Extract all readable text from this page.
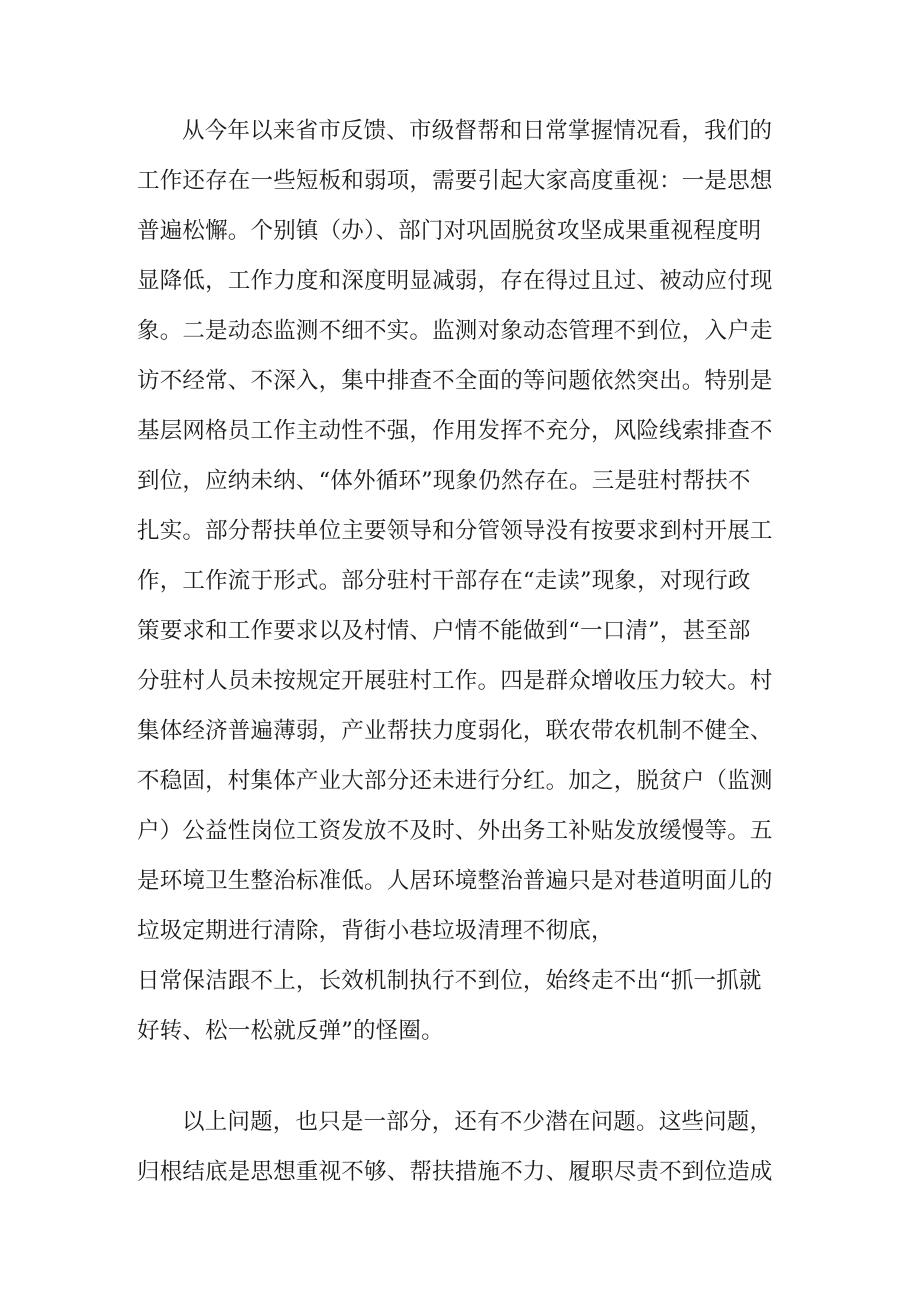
从今年以来省市反馈、市级督帮和日常掌握情况看，我们的
工作还存在一些短板和弱项，需要引起大家高度重视：一是思想
普遍松懈。个别镇（办）、部门对巩固脱贫攻坚成果重视程度明
显降低，工作力度和深度明显减弱，存在得过且过、被动应付现
象。二是动态监测不细不实。监测对象动态管理不到位，入户走
访不经常、不深入，集中排查不全面的等问题依然突出。特别是
基层网格员工作主动性不强，作用发挥不充分，风险线索排查不
到位，应纳未纳、“体外循环”现象仍然存在。三是驻村帮扶不
扎实。部分帮扶单位主要领导和分管领导没有按要求到村开展工
作，工作流于形式。部分驻村干部存在“走读”现象，对现行政
策要求和工作要求以及村情、户情不能做到“一口清”，甚至部
分驻村人员未按规定开展驻村工作。四是群众增收压力较大。村
集体经济普遍薄弱，产业帮扶力度弱化，联农带农机制不健全、
不稳固，村集体产业大部分还未进行分红。加之，脱贫户（监测
户）公益性岗位工资发放不及时、外出务工补贴发放缓慢等。五
是环境卫生整治标准低。人居环境整治普遍只是对巷道明面儿的
垃圾定期进行清除，背街小巷垃圾清理不彻底，
日常保洁跟不上，长效机制执行不到位，始终走不出“抓一抓就
好转、松一松就反弹”的怪圈。
以上问题，也只是一部分，还有不少潜在问题。这些问题，
归根结底是思想重视不够、帮扶措施不力、履职尽责不到位造成
